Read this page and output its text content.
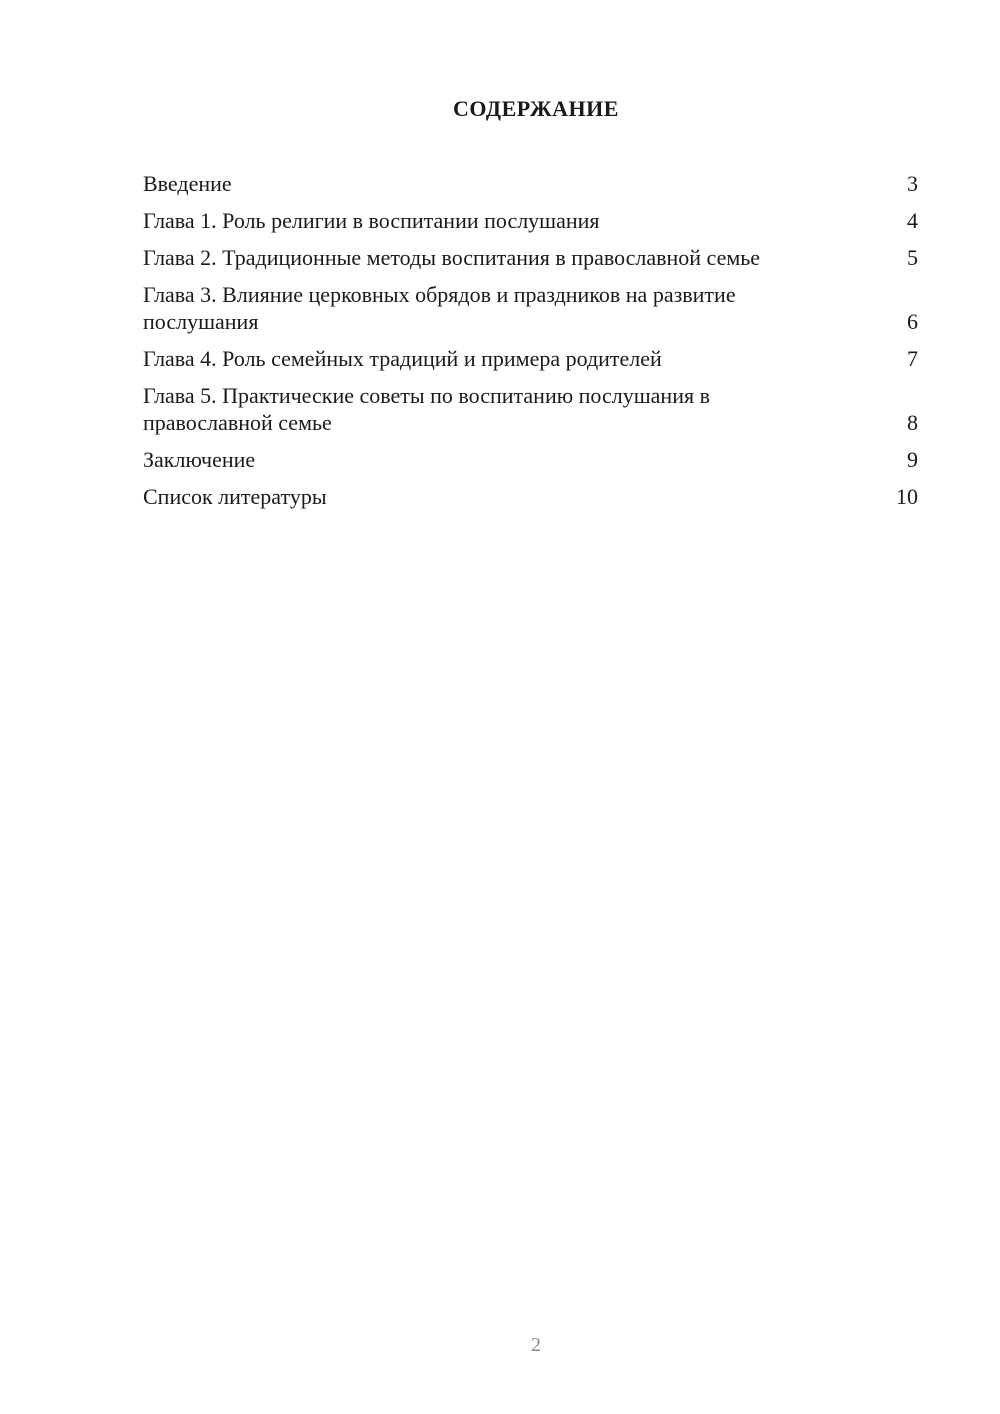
СОДЕРЖАНИЕ
Введение	3
Глава 1. Роль религии в воспитании послушания	4
Глава 2. Традиционные методы воспитания в православной семье	5
Глава 3. Влияние церковных обрядов и праздников на развитие послушания	6
Глава 4. Роль семейных традиций и примера родителей	7
Глава 5. Практические советы по воспитанию послушания в православной семье	8
Заключение	9
Список литературы	10
2
